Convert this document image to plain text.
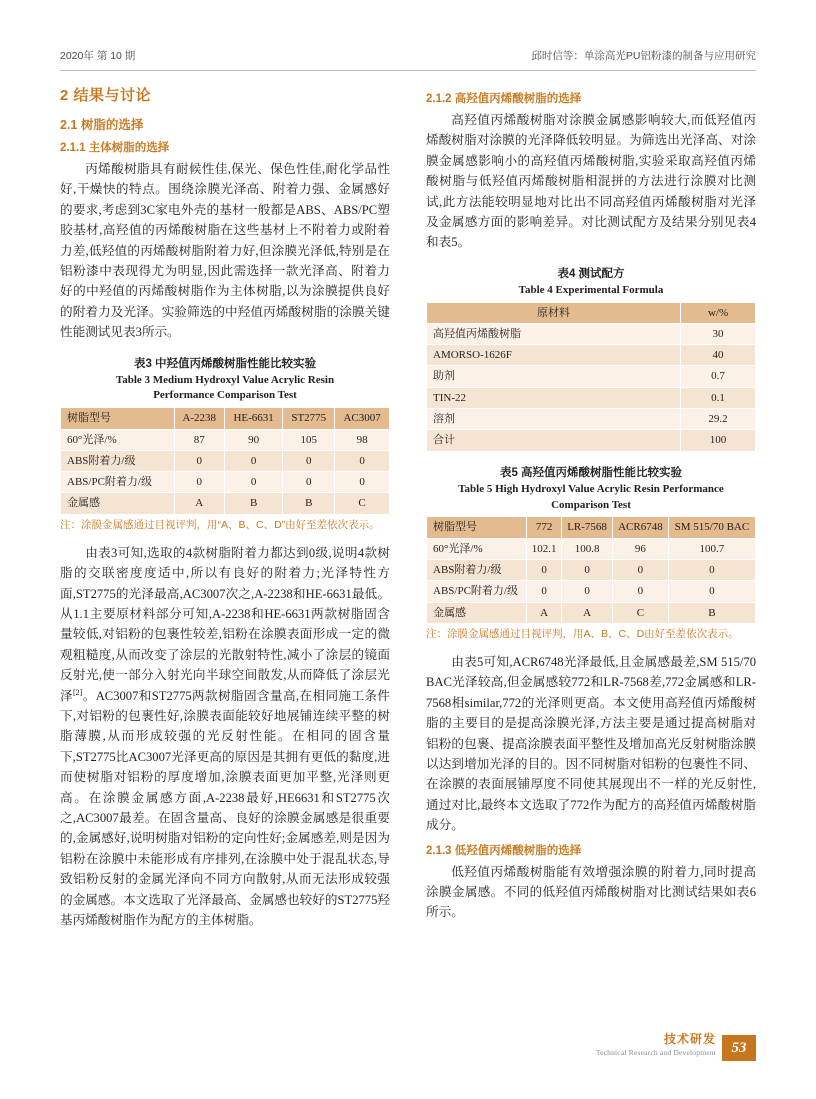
2020年 第 10 期	邱时信等：单涂高光PU铝粉漆的制备与应用研究
2 结果与讨论
2.1 树脂的选择
2.1.1 主体树脂的选择

丙烯酸树脂具有耐候性佳,保光、保色性佳,耐化学品性好,干燥快的特点。围绕涂膜光泽高、附着力强、金属感好的要求,考虑到3C家电外壳的基材一般都是ABS、ABS/PC塑胶基材,高羟值的丙烯酸树脂在这些基材上不附着力或附着力差,低羟值的丙烯酸树脂附着力好,但涂膜光泽低,特别是在铝粉漆中表现得尤为明显,因此需选择一款光泽高、附着力好的中羟值的丙烯酸树脂作为主体树脂,以为涂膜提供良好的附着力及光泽。实验筛选的中羟值丙烯酸树脂的涂膜关键性能测试见表3所示。

表3 中羟值丙烯酸树脂性能比较实验
Table 3 Medium Hydroxyl Value Acrylic Resin
Performance Comparison Test
树脂型号	A-2238	HE-6631	ST2775	AC3007
60°光泽/%	87	90	105	98
ABS附着力/级	0	0	0	0
ABS/PC附着力/级	0	0	0	0
金属感	A	B	B	C
注：涂膜金属感通过目视评判，用“A、B、C、D”由好至差依次表示。

由表3可知,选取的4款树脂附着力都达到0级,说明4款树脂的交联密度度适中,所以有良好的附着力;光泽特性方面,ST2775的光泽最高,AC3007次之,A-2238和HE-6631最低。从1.1主要原材料部分可知,A-2238和HE-6631两款树脂固含量较低,对铝粉的包裹性较差,铝粉在涂膜表面形成一定的微观粗糙度,从而改变了涂层的光散射特性,减小了涂层的镜面反射光,使一部分入射光向半球空间散发,从而降低了涂层光泽[2]。AC3007和ST2775两款树脂固含量高,在相同施工条件下,对铝粉的包裹性好,涂膜表面能较好地展铺连续平整的树脂薄膜,从而形成较强的光反射性能。在相同的固含量下,ST2775比AC3007光泽更高的原因是其拥有更低的黏度,进而使树脂对铝粉的厚度增加,涂膜表面更加平整,光泽则更高。在涂膜金属感方面,A-2238最好,HE6631和ST2775次之,AC3007最差。在固含量高、良好的涂膜金属感是很重要的,金属感好,说明树脂对铝粉的定向性好;金属感差,则是因为铝粉在涂膜中未能形成有序排列,在涂膜中处于混乱状态,导致铝粉反射的金属光泽向不同方向散射,从而无法形成较强的金属感。本文选取了光泽最高、金属感也较好的ST2775羟基丙烯酸树脂作为配方的主体树脂。

2.1.2 高羟值丙烯酸树脂的选择

高羟值丙烯酸树脂对涂膜金属感影响较大,而低羟值丙烯酸树脂对涂膜的光泽降低较明显。为筛选出光泽高、对涂膜金属感影响小的高羟值丙烯酸树脂,实验采取高羟值丙烯酸树脂与低羟值丙烯酸树脂相混拼的方法进行涂膜对比测试,此方法能较明显地对比出不同高羟值丙烯酸树脂对光泽及金属感方面的影响差异。对比测试配方及结果分别见表4和表5。

表4 测试配方
Table 4 Experimental Formula
原材料	w/%
高羟值丙烯酸树脂	30
AMORSO-1626F	40
助剂	0.7
TIN-22	0.1
溶剂	29.2
合计	100
表5 高羟值丙烯酸树脂性能比较实验
Table 5 High Hydroxyl Value Acrylic Resin Performance
Comparison Test
树脂型号	772	LR-7568	ACR6748	SM 515/70 BAC
60°光泽/%	102.1	100.8	96	100.7
ABS附着力/级	0	0	0	0
ABS/PC附着力/级	0	0	0	0
金属感	A	A	C	B
注：涂膜金属感通过目视评判，用A、B、C、D由好至差依次表示。

由表5可知,ACR6748光泽最低,且金属感最差,SM 515/70 BAC光泽较高,但金属感较772和LR-7568差,772金属感和LR-7568相similar,772的光泽则更高。本文使用高羟值丙烯酸树脂的主要目的是提高涂膜光泽,方法主要是通过提高树脂对铝粉的包裹、提高涂膜表面平整性及增加高光反射树脂涂膜以达到增加光泽的目的。因不同树脂对铝粉的包裹性不同、在涂膜的表面展铺厚度不同使其展现出不一样的光反射性,通过对比,最终本文选取了772作为配方的高羟值丙烯酸树脂成分。

2.1.3 低羟值丙烯酸树脂的选择

低羟值丙烯酸树脂能有效增强涂膜的附着力,同时提高涂膜金属感。不同的低羟值丙烯酸树脂对比测试结果如表6所示。

技术研发
Technical Research and Development	53
